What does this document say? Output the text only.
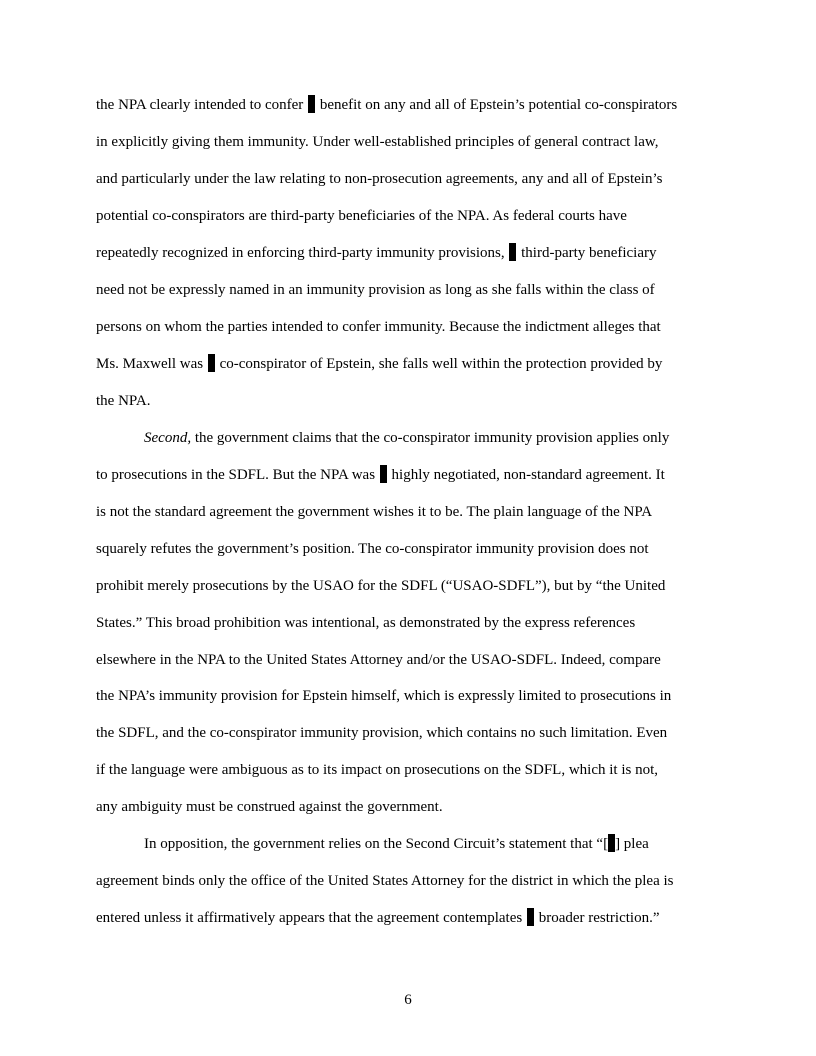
the NPA clearly intended to confer benefit on any and all of Epstein’s potential co-conspirators
in explicitly giving them immunity. Under well-established principles of general contract law,
and particularly under the law relating to non-prosecution agreements, any and all of Epstein’s
potential co-conspirators are third-party beneficiaries of the NPA. As federal courts have
repeatedly recognized in enforcing third-party immunity provisions, third-party beneficiary
need not be expressly named in an immunity provision as long as she falls within the class of
persons on whom the parties intended to confer immunity. Because the indictment alleges that
Ms. Maxwell was co-conspirator of Epstein, she falls well within the protection provided by
the NPA.
Second, the government claims that the co-conspirator immunity provision applies only
to prosecutions in the SDFL. But the NPA was highly negotiated, non-standard agreement. It
is not the standard agreement the government wishes it to be. The plain language of the NPA
squarely refutes the government’s position. The co-conspirator immunity provision does not
prohibit merely prosecutions by the USAO for the SDFL (“USAO-SDFL”), but by “the United
States.” This broad prohibition was intentional, as demonstrated by the express references
elsewhere in the NPA to the United States Attorney and/or the USAO-SDFL. Indeed, compare
the NPA’s immunity provision for Epstein himself, which is expressly limited to prosecutions in
the SDFL, and the co-conspirator immunity provision, which contains no such limitation. Even
if the language were ambiguous as to its impact on prosecutions on the SDFL, which it is not,
any ambiguity must be construed against the government.
In opposition, the government relies on the Second Circuit’s statement that “[ ] plea
agreement binds only the office of the United States Attorney for the district in which the plea is
entered unless it affirmatively appears that the agreement contemplates broader restriction.”
6
